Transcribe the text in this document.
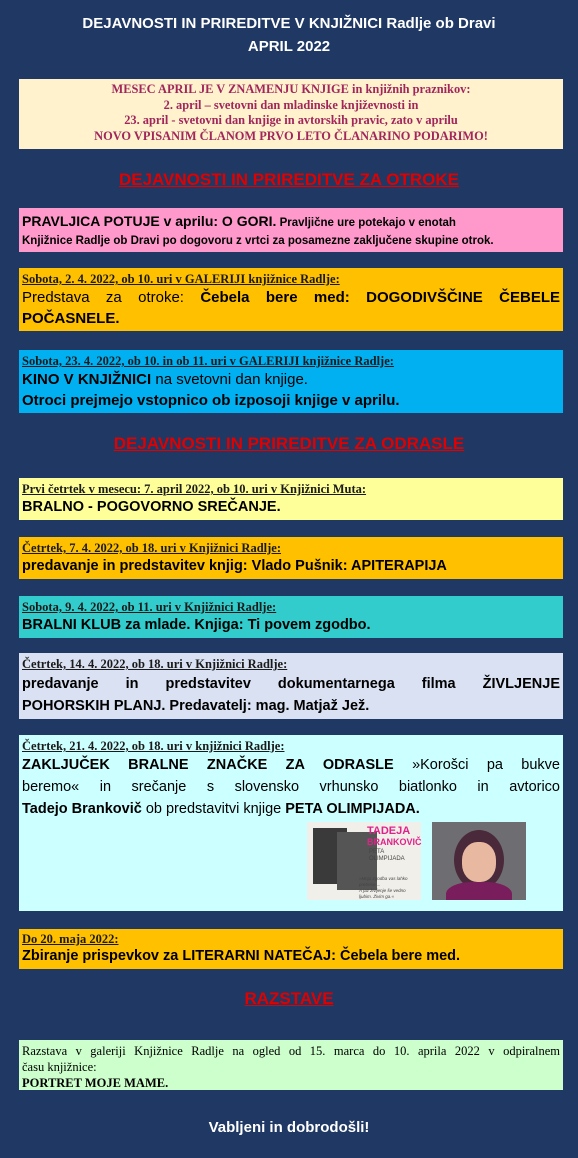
DEJAVNOSTI IN PRIREDITVE V KNJIŽNICI Radlje ob Dravi
APRIL 2022
MESEC APRIL JE V ZNAMENJU KNJIGE in knjižnih praznikov:
2. april – svetovni dan mladinske književnosti in
23. april - svetovni dan knjige in avtorskih pravic, zato v aprilu
NOVO VPISANIM ČLANOM PRVO LETO ČLANARINO PODARIMO!
DEJAVNOSTI IN PRIREDITVE ZA OTROKE
PRAVLJICA POTUJE v aprilu: O GORI. Pravljične ure potekajo v enotah
Knjižnice Radlje ob Dravi po dogovoru z vrtci za posamezne zaključene skupine otrok.
Sobota, 2. 4. 2022, ob 10. uri v GALERIJI knjižnice Radlje:
Predstava za otroke: Čebela bere med: DOGODIVŠČINE ČEBELE
POČASNELE.
Sobota, 23. 4. 2022, ob 10. in ob 11. uri v GALERIJI knjižnice Radlje:
KINO V KNJIŽNICI na svetovni dan knjige.
Otroci prejmejo vstopnico ob izposoji knjige v aprilu.
DEJAVNOSTI IN PRIREDITVE ZA ODRASLE
Prvi četrtek v mesecu: 7. april 2022, ob 10. uri v Knjižnici Muta:
BRALNO - POGOVORNO SREČANJE.
Četrtek, 7. 4. 2022, ob 18. uri v Knjižnici Radlje:
predavanje in predstavitev knjig: Vlado Pušnik: APITERAPIJA
Sobota, 9. 4. 2022, ob 11. uri v Knjižnici Radlje:
BRALNI KLUB za mlade. Knjiga: Ti povem zgodbo.
Četrtek, 14. 4. 2022, ob 18. uri v Knjižnici Radlje:
predavanje in predstavitev dokumentarnega filma ŽIVLJENJE
POHORSKIH PLANJ. Predavatelj: mag. Matjaž Jež.
Četrtek, 21. 4. 2022, ob 18. uri v knjižnici Radlje:
ZAKLJUČEK BRALNE ZNAČKE ZA ODRASLE »Korošci pa bukve
beremo« in srečanje s slovensko vrhunsko biatlonko in avtorico
Tadejo Brankovič ob predstavitvi knjige PETA OLIMPIJADA.
TADEJA
BRANKOVIČ
PETA OLIMPIJADA
»Moja zgodba vas lahko pretrese ...
A jaz življenje še vedno ljubim. Živim ga.«
Do 20. maja 2022:
Zbiranje prispevkov za LITERARNI NATEČAJ: Čebela bere med.
RAZSTAVE
Razstava v galeriji Knjižnice Radlje na ogled od 15. marca do 10. aprila 2022 v odpiralnem
času knjižnice:
PORTRET MOJE MAME.
Vabljeni in dobrodošli!
